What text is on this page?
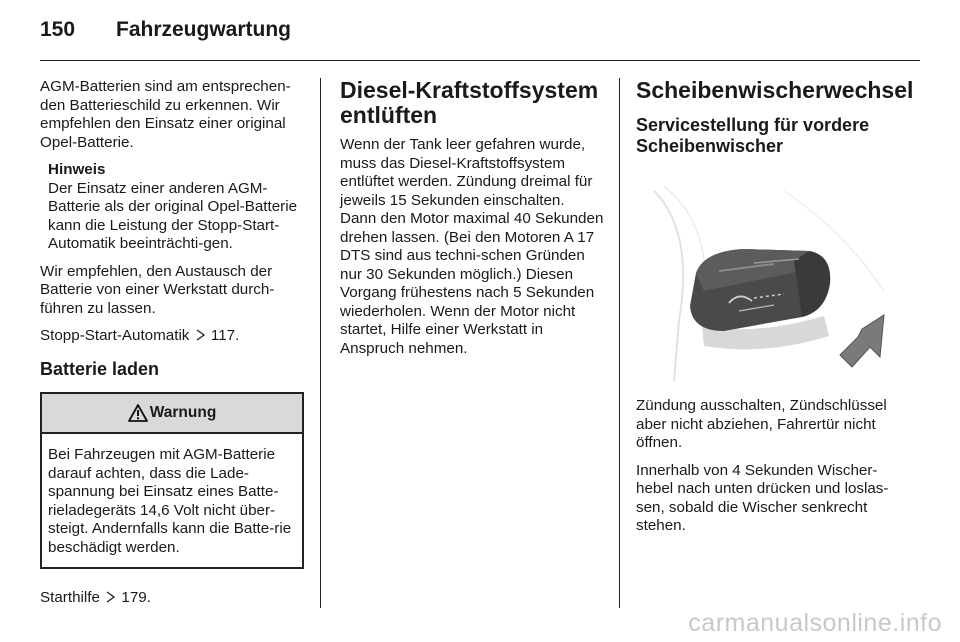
150	Fahrzeugwartung

AGM-Batterien sind am entsprechen-den Batterieschild zu erkennen. Wir empfehlen den Einsatz einer original Opel-Batterie.

Hinweis
Der Einsatz einer anderen AGM-Batterie als der original Opel-Batterie kann die Leistung der Stopp-Start-Automatik beeinträchti-gen.

Wir empfehlen, den Austausch der Batterie von einer Werkstatt durch-führen zu lassen.

Stopp-Start-Automatik 117.

Batterie laden
Warnung
Bei Fahrzeugen mit AGM-Batterie darauf achten, dass die Lade-spannung bei Einsatz eines Batte-rieladegeräts 14,6 Volt nicht über-steigt. Andernfalls kann die Batte-rie beschädigt werden.

Starthilfe 179.

Diesel-Kraftstoffsystem entlüften

Wenn der Tank leer gefahren wurde, muss das Diesel-Kraftstoffsystem entlüftet werden. Zündung dreimal für jeweils 15 Sekunden einschalten. Dann den Motor maximal 40 Sekunden drehen lassen. (Bei den Motoren A 17 DTS sind aus techni-schen Gründen nur 30 Sekunden möglich.) Diesen Vorgang frühestens nach 5 Sekunden wiederholen. Wenn der Motor nicht startet, Hilfe einer Werkstatt in Anspruch nehmen.

Scheibenwischerwechsel
Servicestellung für vordere Scheibenwischer

Zündung ausschalten, Zündschlüssel aber nicht abziehen, Fahrertür nicht öffnen.

Innerhalb von 4 Sekunden Wischer-hebel nach unten drücken und loslas-sen, sobald die Wischer senkrecht stehen.

carmanualsonline.info
